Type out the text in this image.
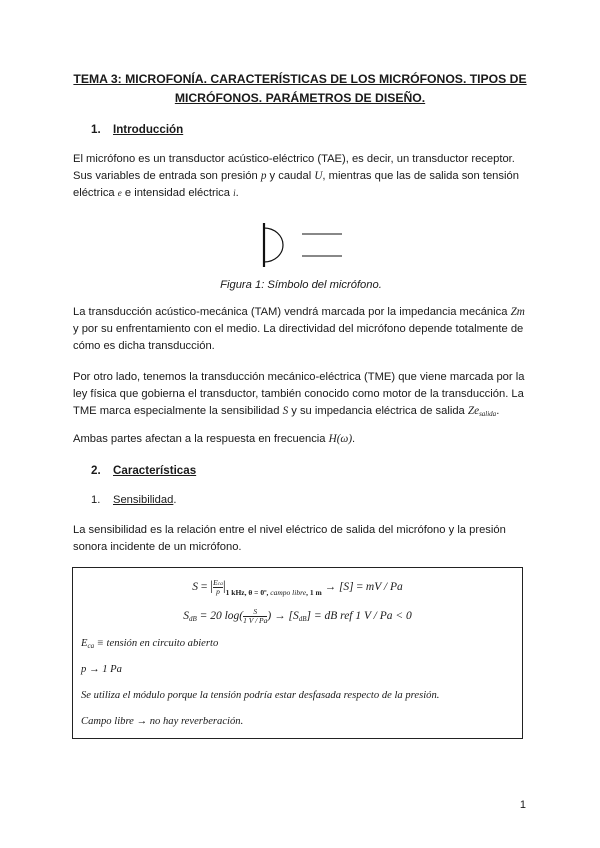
TEMA 3: MICROFONÍA. CARACTERÍSTICAS DE LOS MICRÓFONOS. TIPOS DE
MICRÓFONOS. PARÁMETROS DE DISEÑO.
1. Introducción
El micrófono es un transductor acústico-eléctrico (TAE), es decir, un transductor receptor.
Sus variables de entrada son presión p y caudal U, mientras que las de salida son tensión
eléctrica e e intensidad eléctrica i.
Figura 1: Símbolo del micrófono.
La transducción acústico-mecánica (TAM) vendrá marcada por la impedancia mecánica Zm
y por su enfrentamiento con el medio. La directividad del micrófono depende totalmente de
cómo es dicha transducción.
Por otro lado, tenemos la transducción mecánico-eléctrica (TME) que viene marcada por la
ley física que gobierna el transductor, también conocido como motor de la transducción. La
TME marca especialmente la sensibilidad S y su impedancia eléctrica de salida $Ze_{salida}$.
Ambas partes afectan a la respuesta en frecuencia H(ω).
2. Características
1. Sensibilidad.
La sensibilidad es la relación entre el nivel eléctrico de salida del micrófono y la presión
sonora incidente de un micrófono.
S = | Eca
p $|_{1 kHz, \theta = 0º, campo libre, 1 m} \to [S]$ = mV / Pa
$S_{dB} = 20$ $\log( \frac{S}{1 V / Pa}$ ) → $[S_{dB}]$ = dB ref 1 V / Pa < 0
$E_{ca}$ ≡ tensión en circuito abierto
p → 1 Pa
Se utiliza el módulo porque la tensión podría estar desfasada respecto de la presión.
Campo libre → no hay reverberación.
1
